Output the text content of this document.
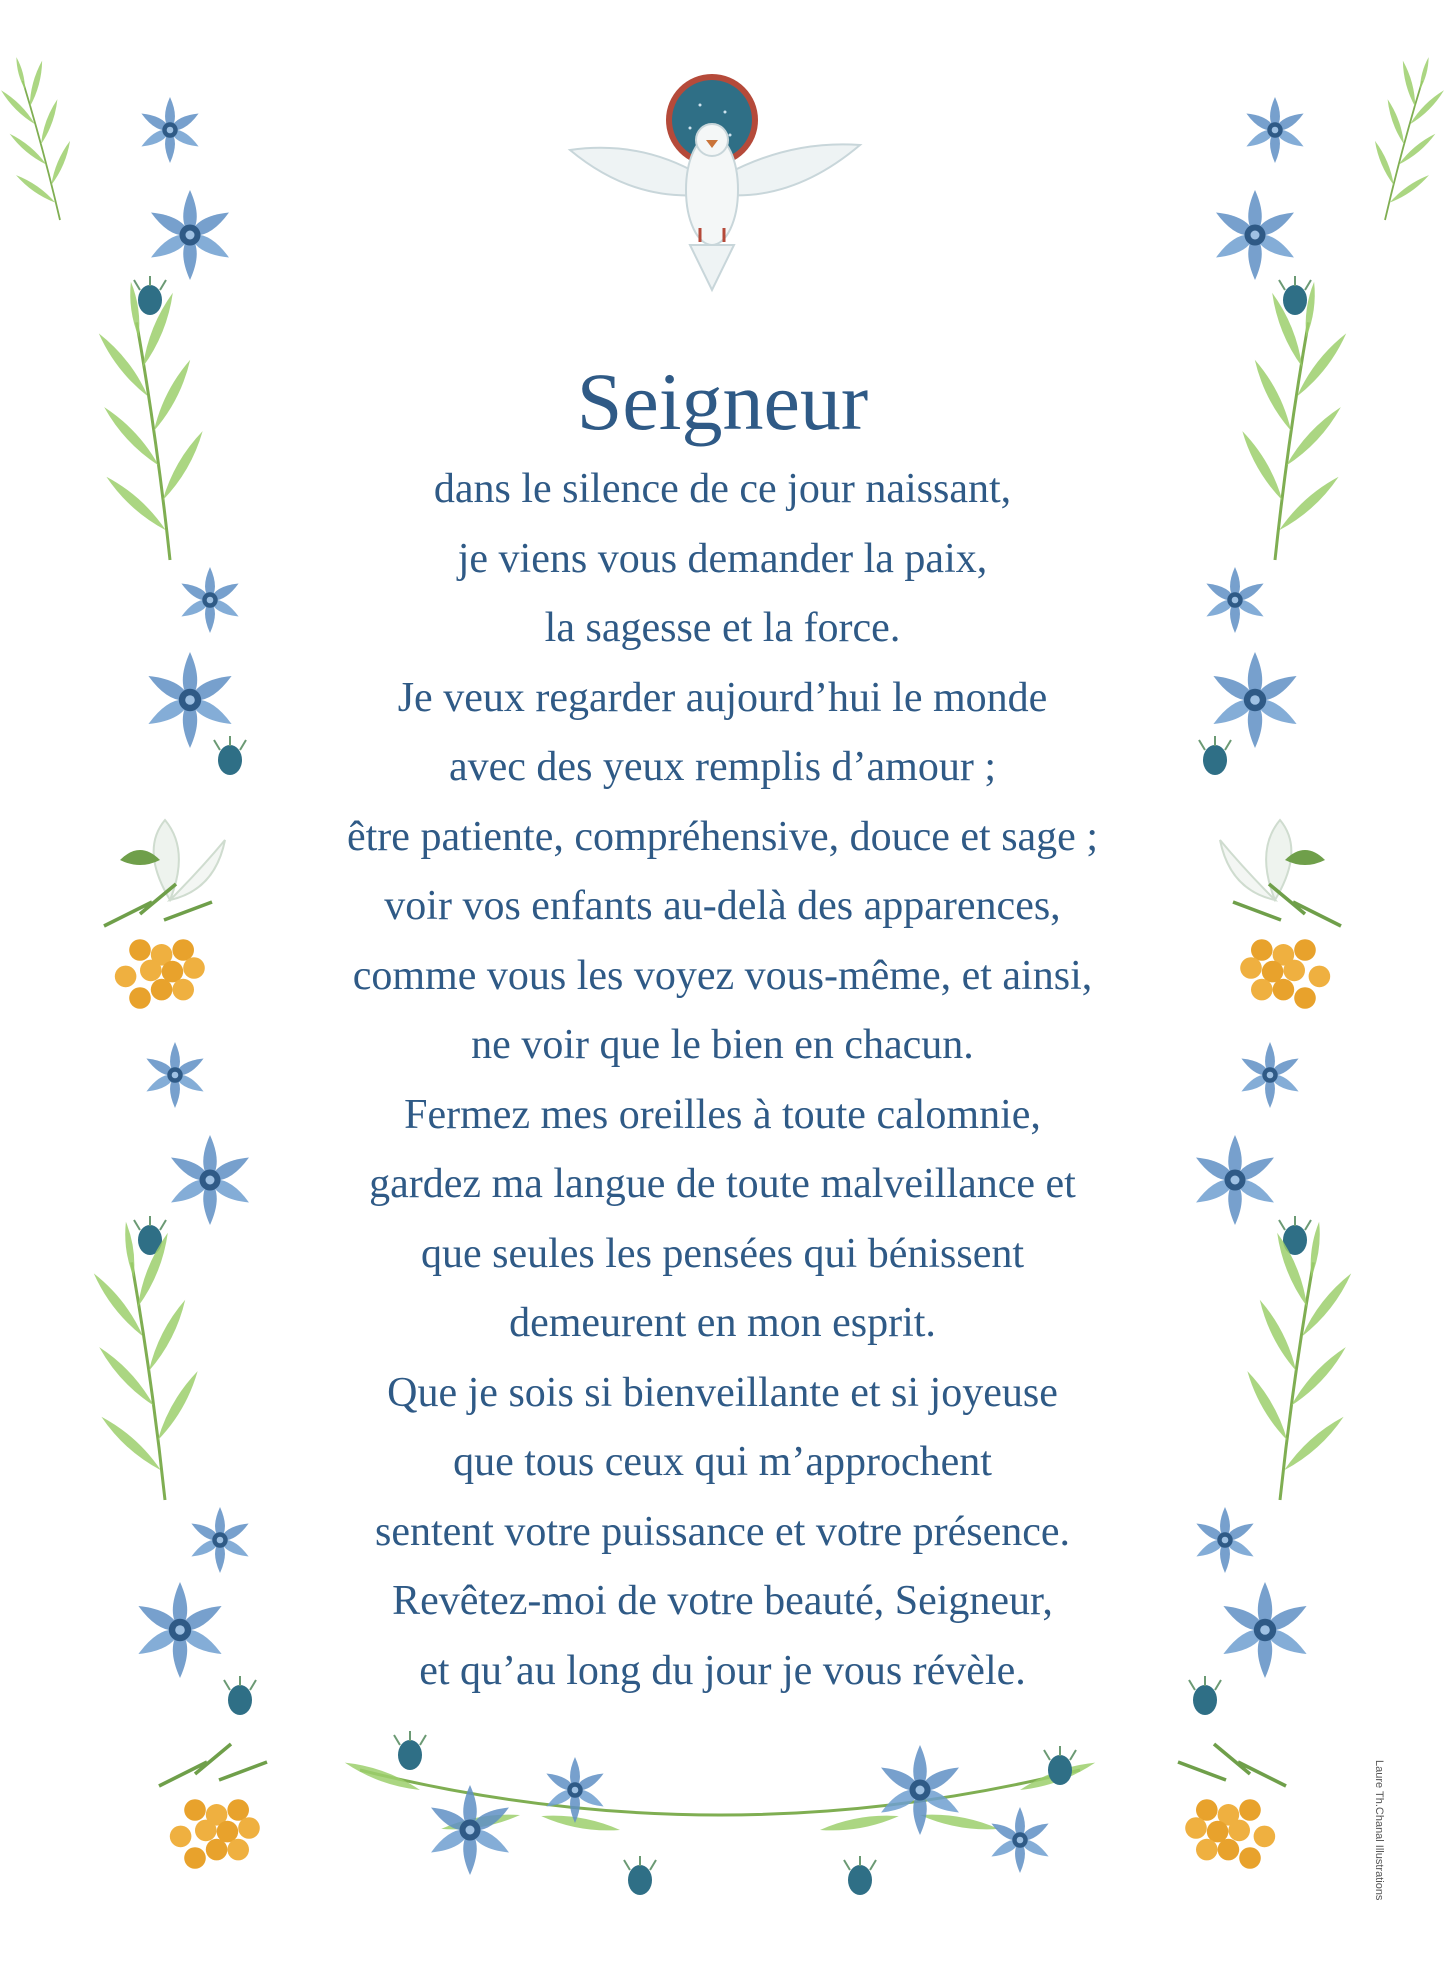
Seigneur
dans le silence de ce jour naissant,
je viens vous demander la paix,
la sagesse et la force.
Je veux regarder aujourd’hui le monde
avec des yeux remplis d’amour ;
être patiente, compréhensive, douce et sage ;
voir vos enfants au-delà des apparences,
comme vous les voyez vous-même, et ainsi,
ne voir que le bien en chacun.
Fermez mes oreilles à toute calomnie,
gardez ma langue de toute malveillance et
que seules les pensées qui bénissent
demeurent en mon esprit.
Que je sois si bienveillante et si joyeuse
que tous ceux qui m’approchent
sentent votre puissance et votre présence.
Revêtez-moi de votre beauté, Seigneur,
et qu’au long du jour je vous révèle.
Laure Th.Chanal Illustrations
